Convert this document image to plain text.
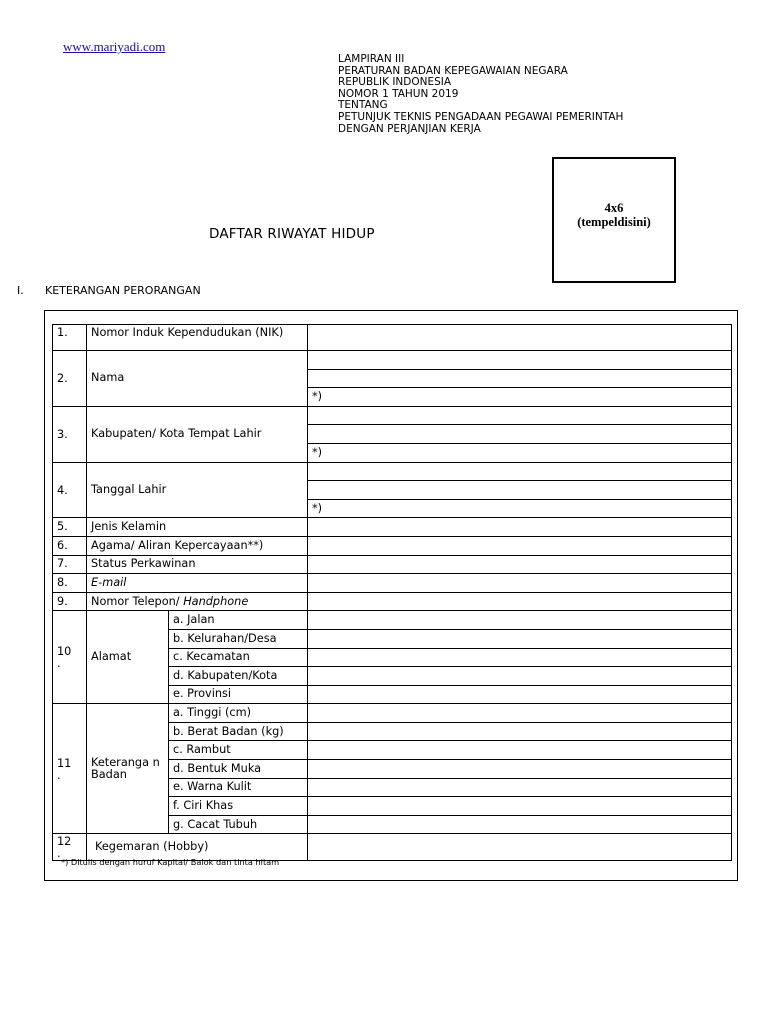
www.mariyadi.com
LAMPIRAN III
PERATURAN BADAN KEPEGAWAIAN NEGARA
REPUBLIK INDONESIA
NOMOR 1 TAHUN 2019
TENTANG
PETUNJUK TEKNIS PENGADAAN PEGAWAI PEMERINTAH
DENGAN PERJANJIAN KERJA
4x6
(tempeldisini)
DAFTAR RIWAYAT HIDUP
I. KETERANGAN PERORANGAN
1.	Nomor Induk Kependudukan (NIK)		
2.	Nama		

			*)
3.	Kabupaten/ Kota Tempat Lahir		

			*)
4.	Tanggal Lahir		

			*)
5.	Jenis Kelamin		
6.	Agama/ Aliran Kepercayaan**)		
7.	Status Perkawinan		
8.	E-mail		
9.	Nomor Telepon/ Handphone		
10
.	Alamat	a. Jalan	
		b. Kelurahan/Desa	
		c. Kecamatan	
		d. Kabupaten/Kota	
		e. Provinsi	
11
.	Keteranga n Badan	a. Tinggi (cm)	
		b. Berat Badan (kg)	
		c. Rambut	
		d. Bentuk Muka	
		e. Warna Kulit	
		f. Ciri Khas	
		g. Cacat Tubuh	
12
.	Kegemaran (Hobby)		
*) Ditulis dengan huruf Kapital/ Balok dan tinta hitam
